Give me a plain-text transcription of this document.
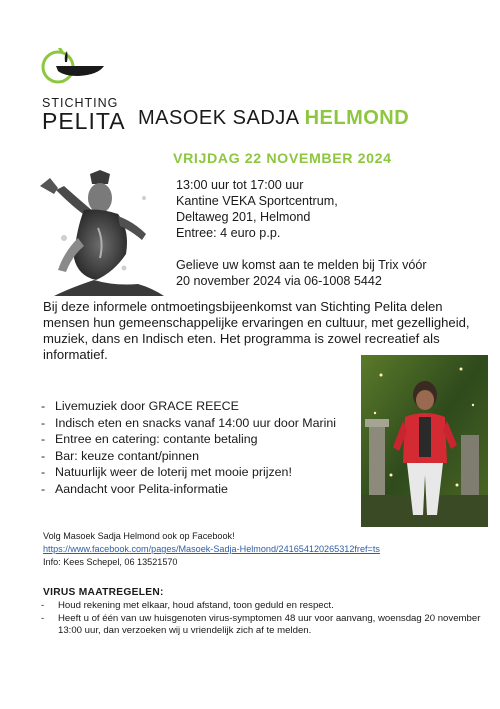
STICHTING
PELITA MASOEK SADJA HELMOND
VRIJDAG 22 NOVEMBER 2024
13:00 uur tot 17:00 uur
Kantine VEKA Sportcentrum,
Deltaweg 201, Helmond
Entree: 4 euro p.p.
Gelieve uw komst aan te melden bij Trix vóór
20 november 2024 via 06-1008 5442
Bij deze informele ontmoetingsbijeenkomst van Stichting Pelita delen mensen hun gemeenschappelijke ervaringen en cultuur, met gezelligheid, muziek, dans en Indisch eten. Het programma is zowel recreatief als informatief.
- Livemuziek door GRACE REECE
- Indisch eten en snacks vanaf 14:00 uur door Marini
- Entree en catering: contante betaling
- Bar: keuze contant/pinnen
- Natuurlijk weer de loterij met mooie prijzen!
- Aandacht voor Pelita-informatie
Volg Masoek Sadja Helmond ook op Facebook!
https://www.facebook.com/pages/Masoek-Sadja-Helmond/241654120265312fref=ts
Info: Kees Schepel, 06 13521570
VIRUS MAATREGELEN:
- Houd rekening met elkaar, houd afstand, toon geduld en respect.
- Heeft u of één van uw huisgenoten virus-symptomen 48 uur voor aanvang, woensdag 20 november 13:00 uur, dan verzoeken wij u vriendelijk zich af te melden.
